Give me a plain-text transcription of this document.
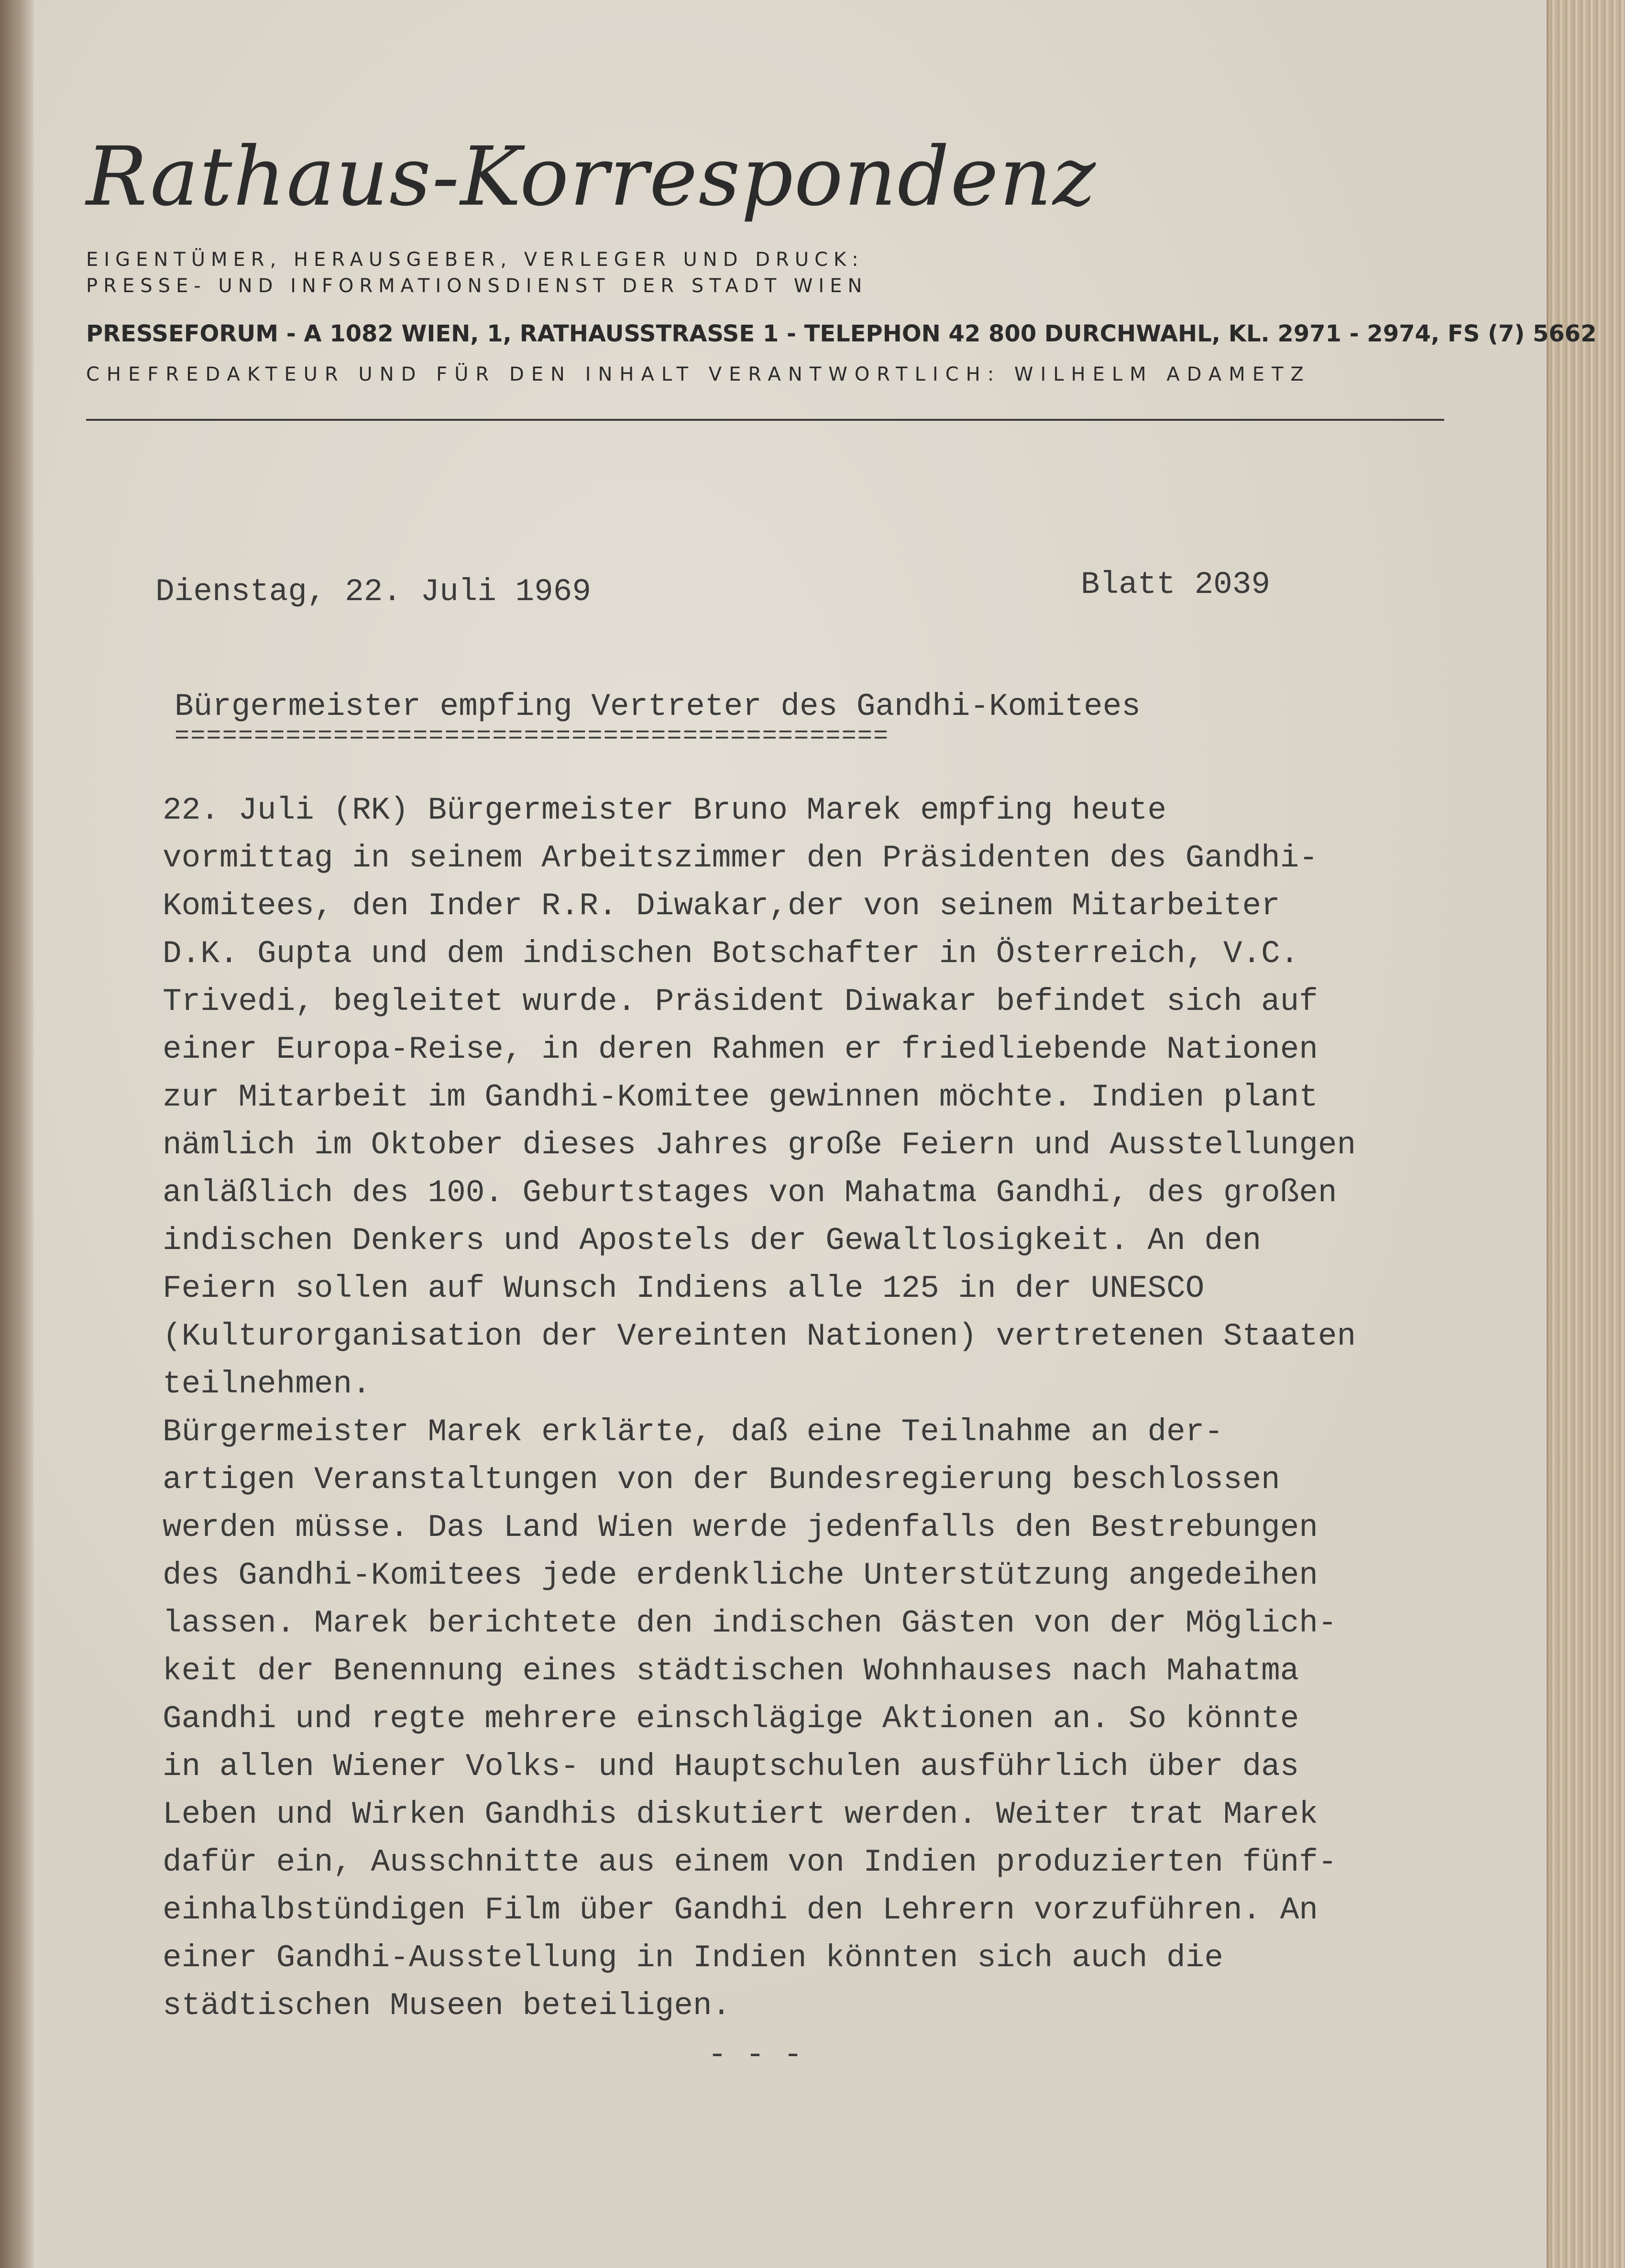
Rathaus-Korrespondenz
EIGENTÜMER, HERAUSGEBER, VERLEGER UND DRUCK:
PRESSE- UND INFORMATIONSDIENST DER STADT WIEN
PRESSEFORUM - A 1082 WIEN, 1, RATHAUSSTRASSE 1 - TELEPHON 42 800 DURCHWAHL, KL. 2971 - 2974, FS (7) 5662
CHEFREDAKTEUR UND FÜR DEN INHALT VERANTWORTLICH: WILHELM ADAMETZ
Dienstag, 22. Juli 1969	Blatt 2039
Bürgermeister empfing Vertreter des Gandhi-Komitees
=============================================
22. Juli (RK) Bürgermeister Bruno Marek empfing heute
vormittag in seinem Arbeitszimmer den Präsidenten des Gandhi-
Komitees, den Inder R.R. Diwakar,der von seinem Mitarbeiter
D.K. Gupta und dem indischen Botschafter in Österreich, V.C.
Trivedi, begleitet wurde. Präsident Diwakar befindet sich auf
einer Europa-Reise, in deren Rahmen er friedliebende Nationen
zur Mitarbeit im Gandhi-Komitee gewinnen möchte. Indien plant
nämlich im Oktober dieses Jahres große Feiern und Ausstellungen
anläßlich des 100. Geburtstages von Mahatma Gandhi, des großen
indischen Denkers und Apostels der Gewaltlosigkeit. An den
Feiern sollen auf Wunsch Indiens alle 125 in der UNESCO
(Kulturorganisation der Vereinten Nationen) vertretenen Staaten
teilnehmen.
Bürgermeister Marek erklärte, daß eine Teilnahme an der-
artigen Veranstaltungen von der Bundesregierung beschlossen
werden müsse. Das Land Wien werde jedenfalls den Bestrebungen
des Gandhi-Komitees jede erdenkliche Unterstützung angedeihen
lassen. Marek berichtete den indischen Gästen von der Möglich-
keit der Benennung eines städtischen Wohnhauses nach Mahatma
Gandhi und regte mehrere einschlägige Aktionen an. So könnte
in allen Wiener Volks- und Hauptschulen ausführlich über das
Leben und Wirken Gandhis diskutiert werden. Weiter trat Marek
dafür ein, Ausschnitte aus einem von Indien produzierten fünf-
einhalbstündigen Film über Gandhi den Lehrern vorzuführen. An
einer Gandhi-Ausstellung in Indien könnten sich auch die
städtischen Museen beteiligen.
- - -
